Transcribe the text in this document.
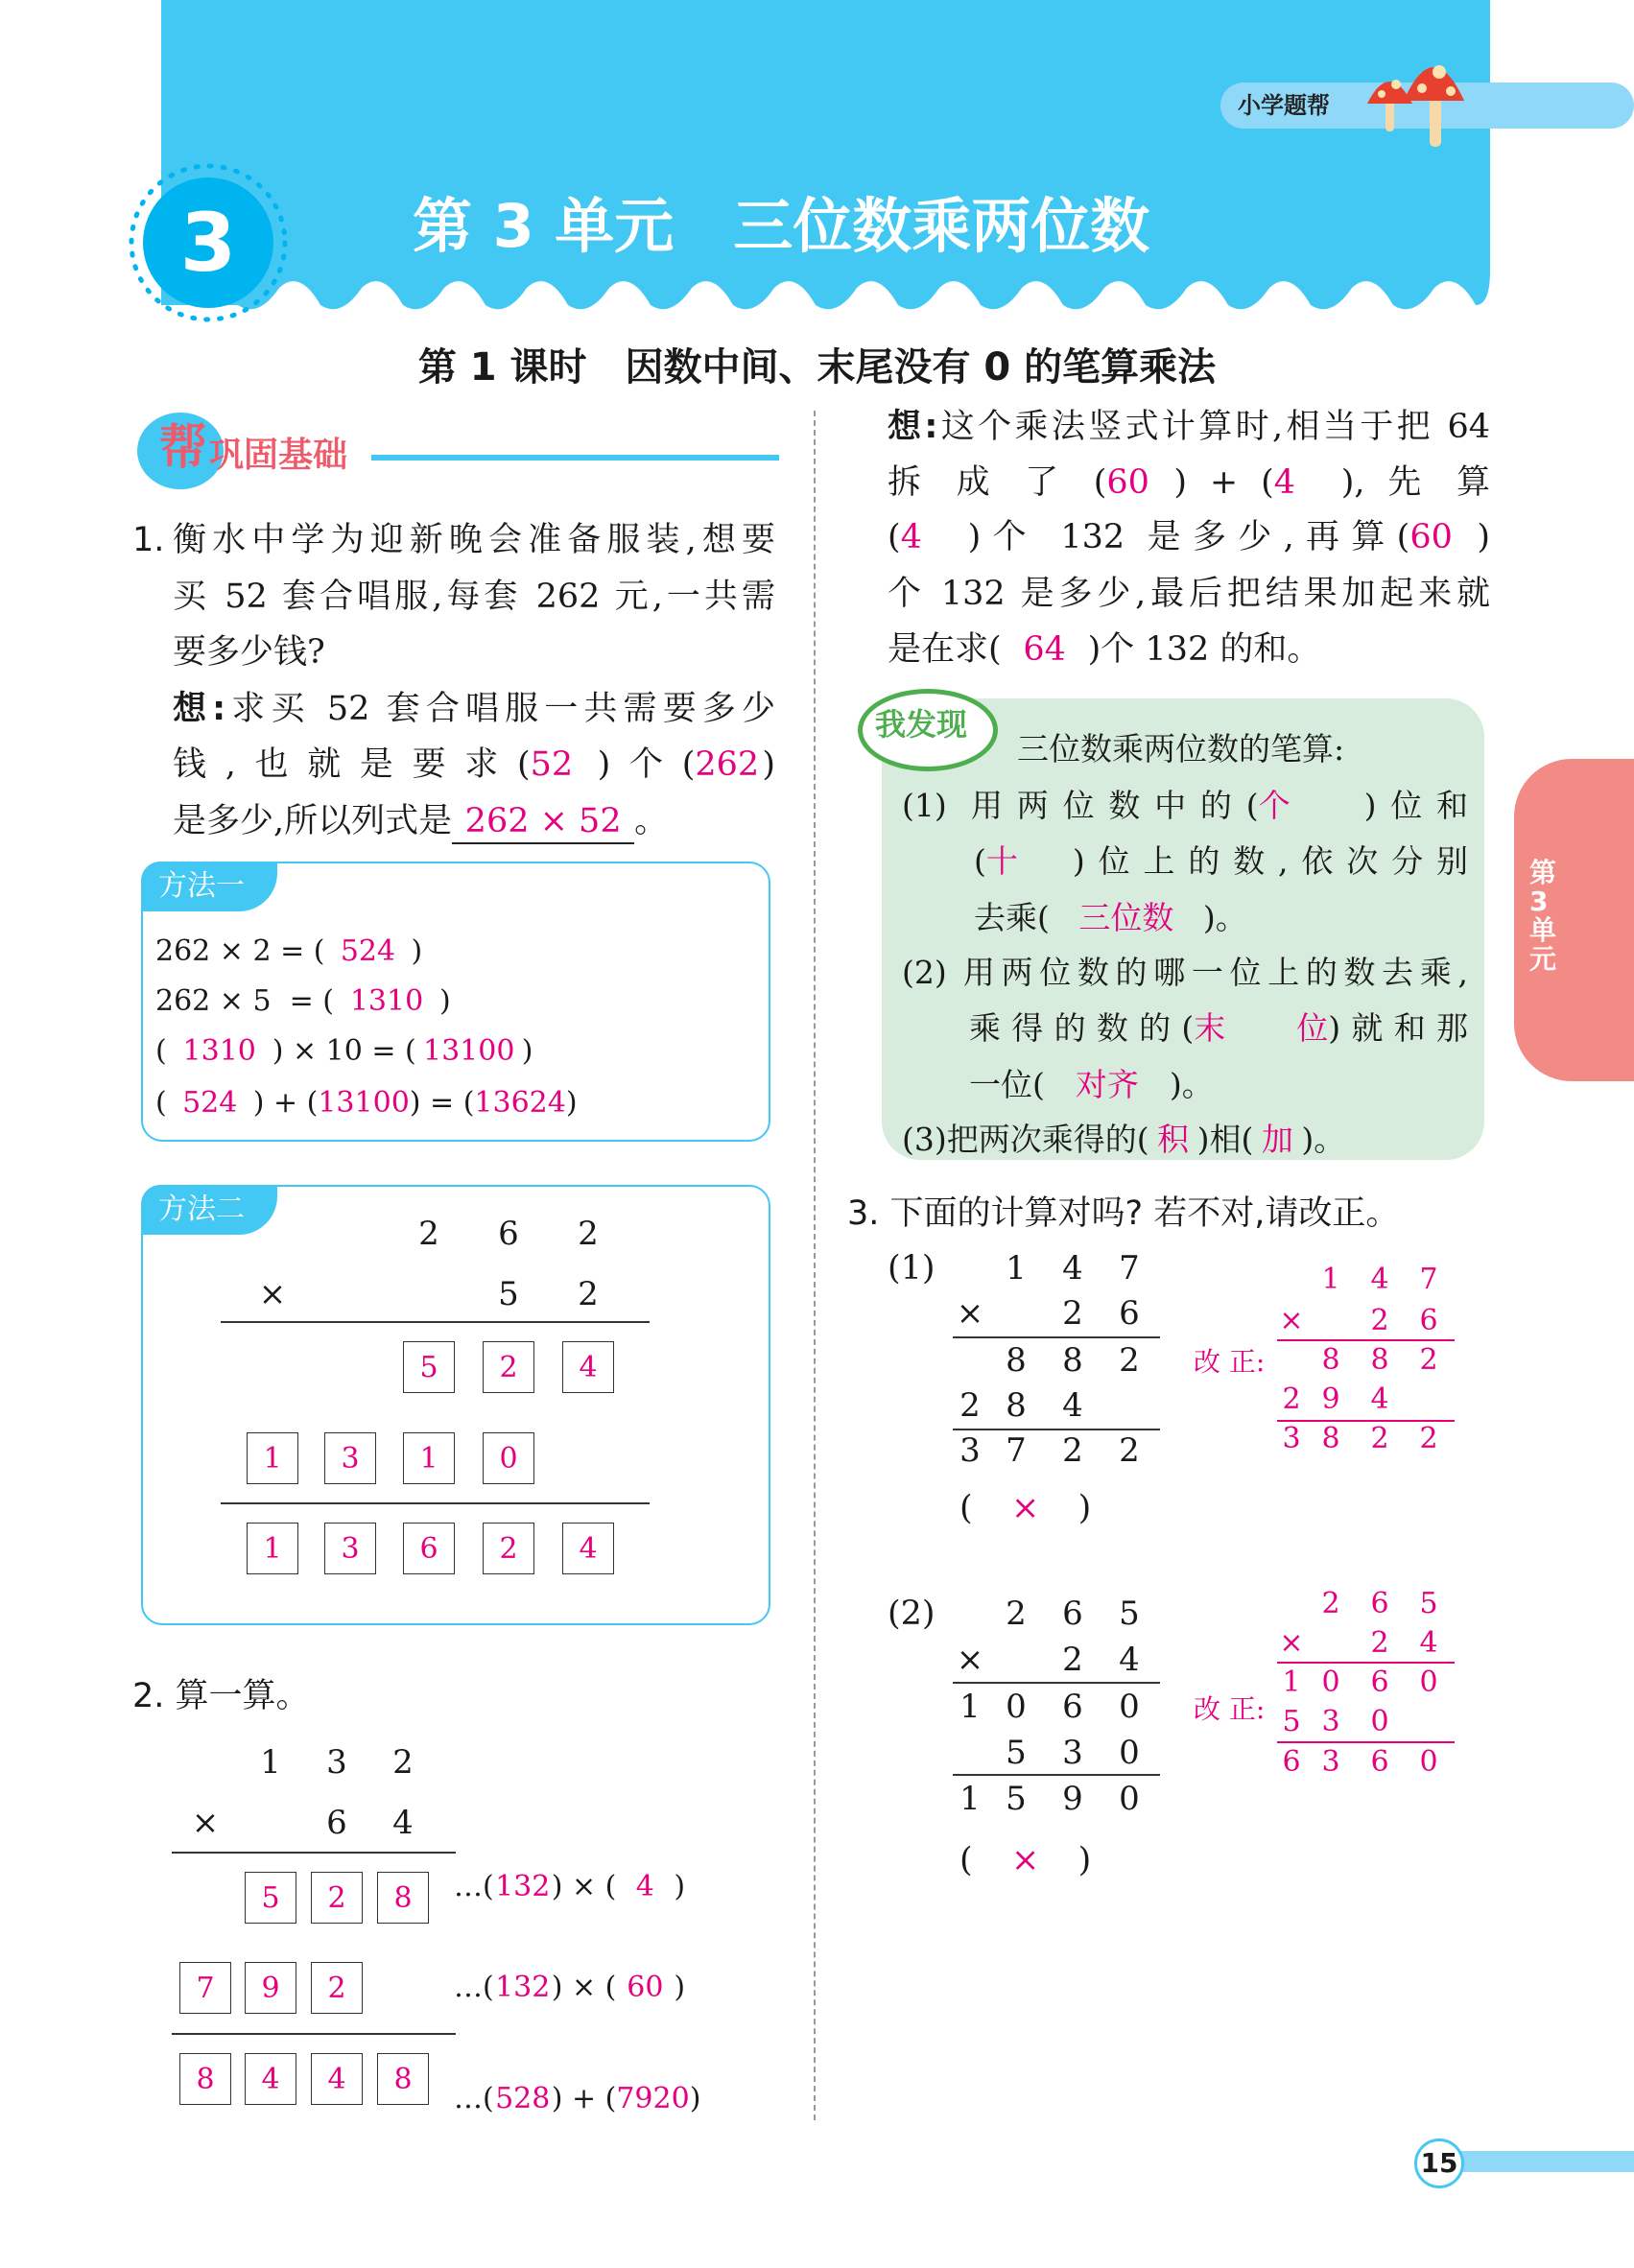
3
小学题帮
第 3 单元　三位数乘两位数
第 1 课时　因数中间、末尾没有 0 的笔算乘法
帮 巩固基础
1. 衡水中学为迎新晚会准备服装,想要
买 52 套合唱服,每套 262 元,一共需
要多少钱?
想:求买 52 套合唱服一共需要多少
钱,也就是要求(52 )个(262)
是多少,所以列式是 262 × 52 。
方法一
262 × 2 = ( 524 )
262 × 5  = ( 1310 )
( 1310 ) × 10 = ( 13100 )
( 524 ) + (13100) = (13624)
方法二
2	6	2
×	5	2
5	2	4
1	3	1	0
1	3	6	2	4
2. 算一算。
1	3	2
×	6	4
5	2	8
7	9	2
8	4	4	8
…(132) × ( 4 )
…(132) × ( 60 )
…(528) + (7920)
想:这个乘法竖式计算时,相当于把 64
拆 成 了 (60 ) + (4 ), 先 算
(4 )个 132 是多少,再算(60 )
个 132 是多少,最后把结果加起来就
是在求( 64 )个 132 的和。
我发现
三位数乘两位数的笔算:
(1) 用两位数中的(个 )位和
(十 )位上的数,依次分别
去乘( 三位数 )。
(2) 用两位数的哪一位上的数去乘,
乘得的数的(末位)就和那
一位( 对齐 )。
(3)把两次乘得的( 积 )相( 加 )。
第3单元
3. 下面的计算对吗? 若不对,请改正。
(1)	1	4	7
×	2	6
8	8	2
2 8	4
3 7	2	2
( × )
改 正:
1	4	7
×	2	6
8	8	2
2 9	4
3 8	2	2
(2)	2	6	5
×	2	4
1 0	6	0
5	3	0
1 5	9	0
( × )
改 正:
2	6	5
×	2	4
1 0	6	0
5 3	0
6 3	6	0
15
